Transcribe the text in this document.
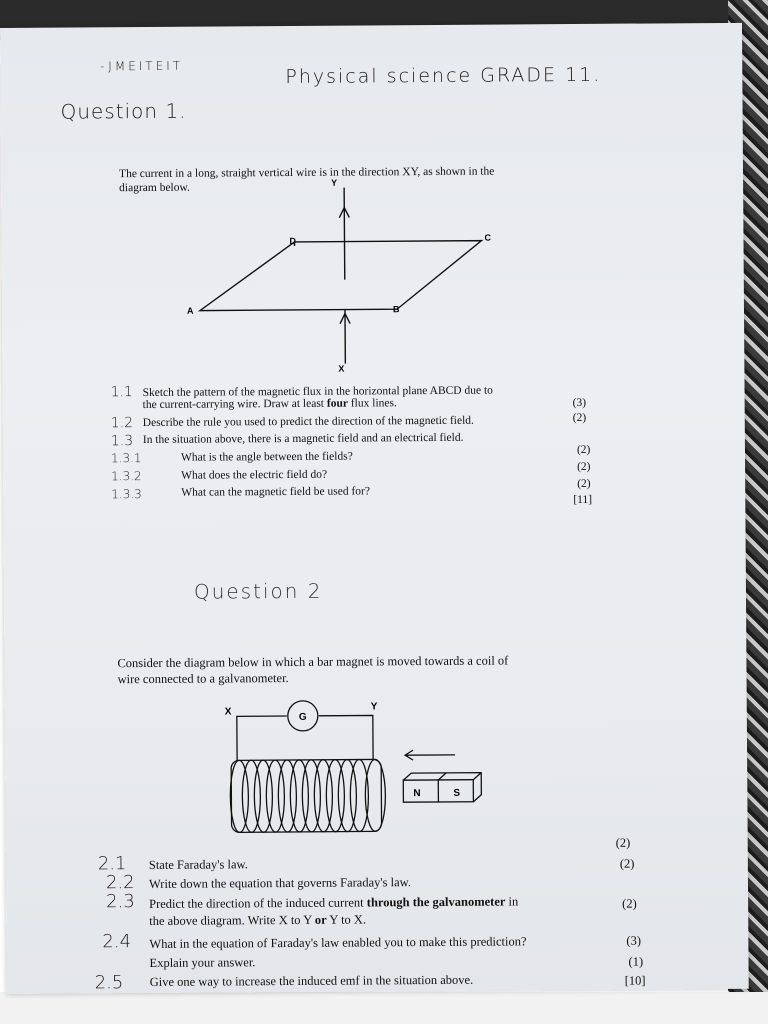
-JMEITEIT	Physical science GRADE 11.
Question 1.
The current in a long, straight vertical wire is in the direction XY, as shown in the
diagram below.	Y
X
A	B
C
D
1.1 Sketch the pattern of the magnetic flux in the horizontal plane ABCD due to
the current-carrying wire. Draw at least four flux lines.	(3)
1.2 Describe the rule you used to predict the direction of the magnetic field.	(2)
1.3 In the situation above, there is a magnetic field and an electrical field.
1.3.1	What is the angle between the fields?
(2)
1.3.2	What does the electric field do?
(2)
1.3.3	What can the magnetic field be used for?
(2)
[11]
Question 2
Consider the diagram below in which a bar magnet is moved towards a coil of
wire connected to a galvanometer.
X	Y
G
N	S
2.1 State Faraday's law.
(2)
2.2 Write down the equation that governs Faraday's law.
(2)
2.3 Predict the direction of the induced current through the galvanometer in
the above diagram. Write X to Y or Y to X.
(2)
2.4 What in the equation of Faraday's law enabled you to make this prediction?
Explain your answer.
(3)
2.5 Give one way to increase the induced emf in the situation above.
(1)
[10]
